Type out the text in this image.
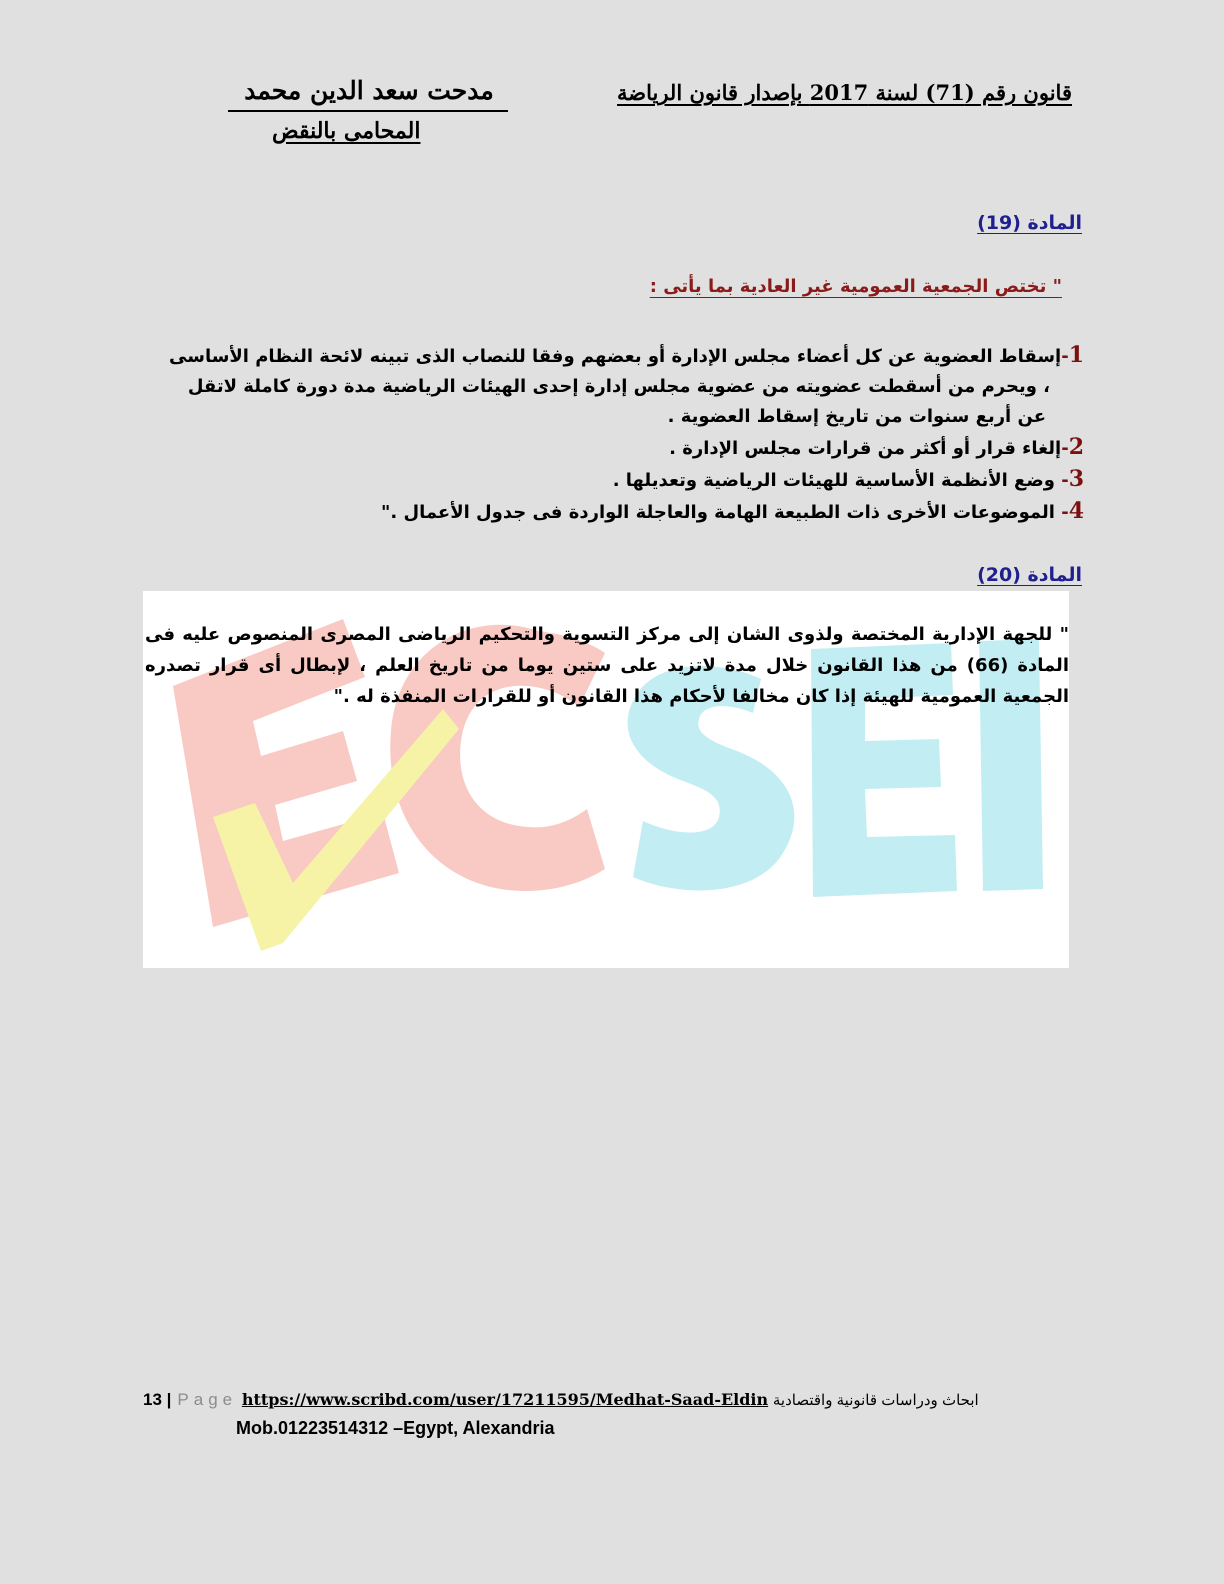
قانون رقم (71) لسنة 2017 بإصدار قانون الرياضة
مدحت سعد الدين محمد
المحامى بالنقض
المادة (19)
" تختص الجمعية العمومية غير العادية بما يأتى :
1-إسقاط العضوية عن كل أعضاء مجلس الإدارة أو بعضهم وفقا للنصاب الذى تبينه لائحة النظام الأساسى
، ويحرم من أسقطت عضويته من عضوية مجلس إدارة إحدى الهيئات الرياضية مدة دورة كاملة لاتقل
عن أربع سنوات من تاريخ إسقاط العضوية .
2-إلغاء قرار أو أكثر من قرارات مجلس الإدارة .
3- وضع الأنظمة الأساسية للهيئات الرياضية وتعديلها .
4- الموضوعات الأخرى ذات الطبيعة الهامة والعاجلة الواردة فى جدول الأعمال ."
المادة (20)
" للجهة الإدارية المختصة ولذوى الشان إلى مركز التسوية والتحكيم الرياضى المصرى المنصوص عليه فى المادة (66) من هذا القانون خلال مدة لاتزيد على ستين يوما من تاريخ العلم ، لإبطال أى قرار تصدره الجمعية العمومية للهيئة إذا كان مخالفا لأحكام هذا القانون أو للقرارات المنفذة له ."
13 | Page https://www.scribd.com/user/17211595/Medhat-Saad-Eldin ابحاث ودراسات قانونية واقتصادية
Mob.01223514312 –Egypt, Alexandria
